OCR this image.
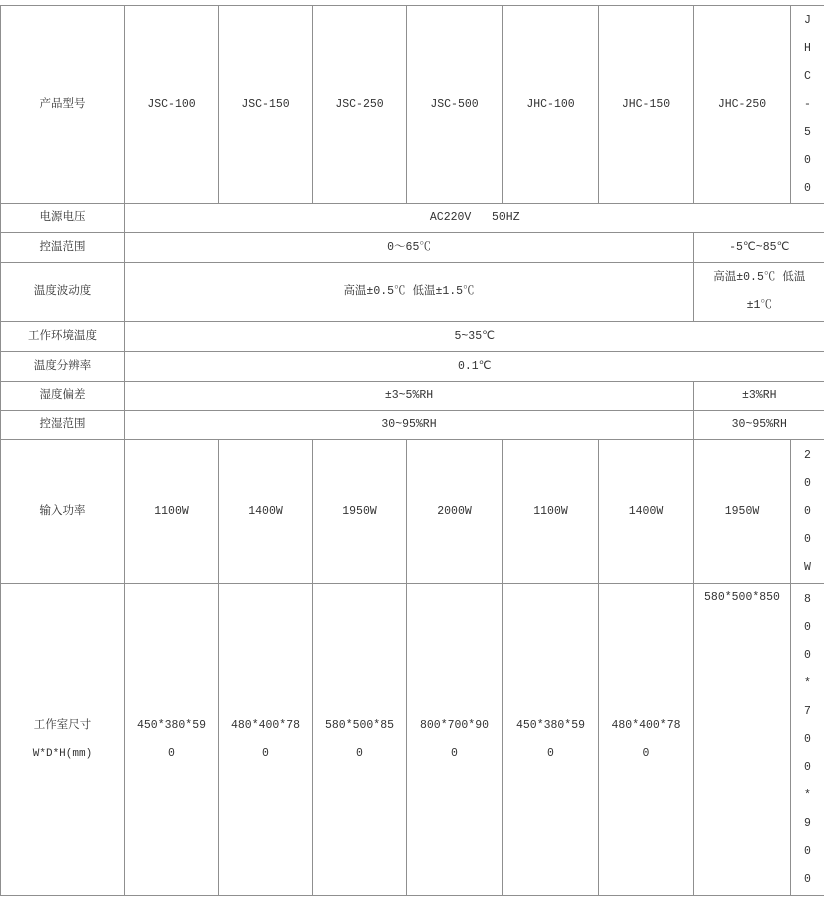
产品型号	JSC-100	JSC-150	JSC-250	JSC-500	JHC-100	JHC-150	JHC-250	JHC-500

电源电压	AC220V   50HZ							
控温范围	0～65℃						-5℃~85℃	
温度波动度	高温±0.5℃ 低温±1.5℃						高温±0.5℃ 低温±1℃	

工作环境温度	5~35℃							
温度分辨率	0.1℃							
湿度偏差	±3~5%RH						±3%RH	
控湿范围	30~95%RH						30~95%RH	
输入功率	1100W	1400W	1950W	2000W	1100W	1400W	1950W	2000W

工作室尺寸
W*D*H(mm)	450*380*590	480*400*780	580*500*850	800*700*900	450*380*590	480*400*780	580*500*850	800*700*900
